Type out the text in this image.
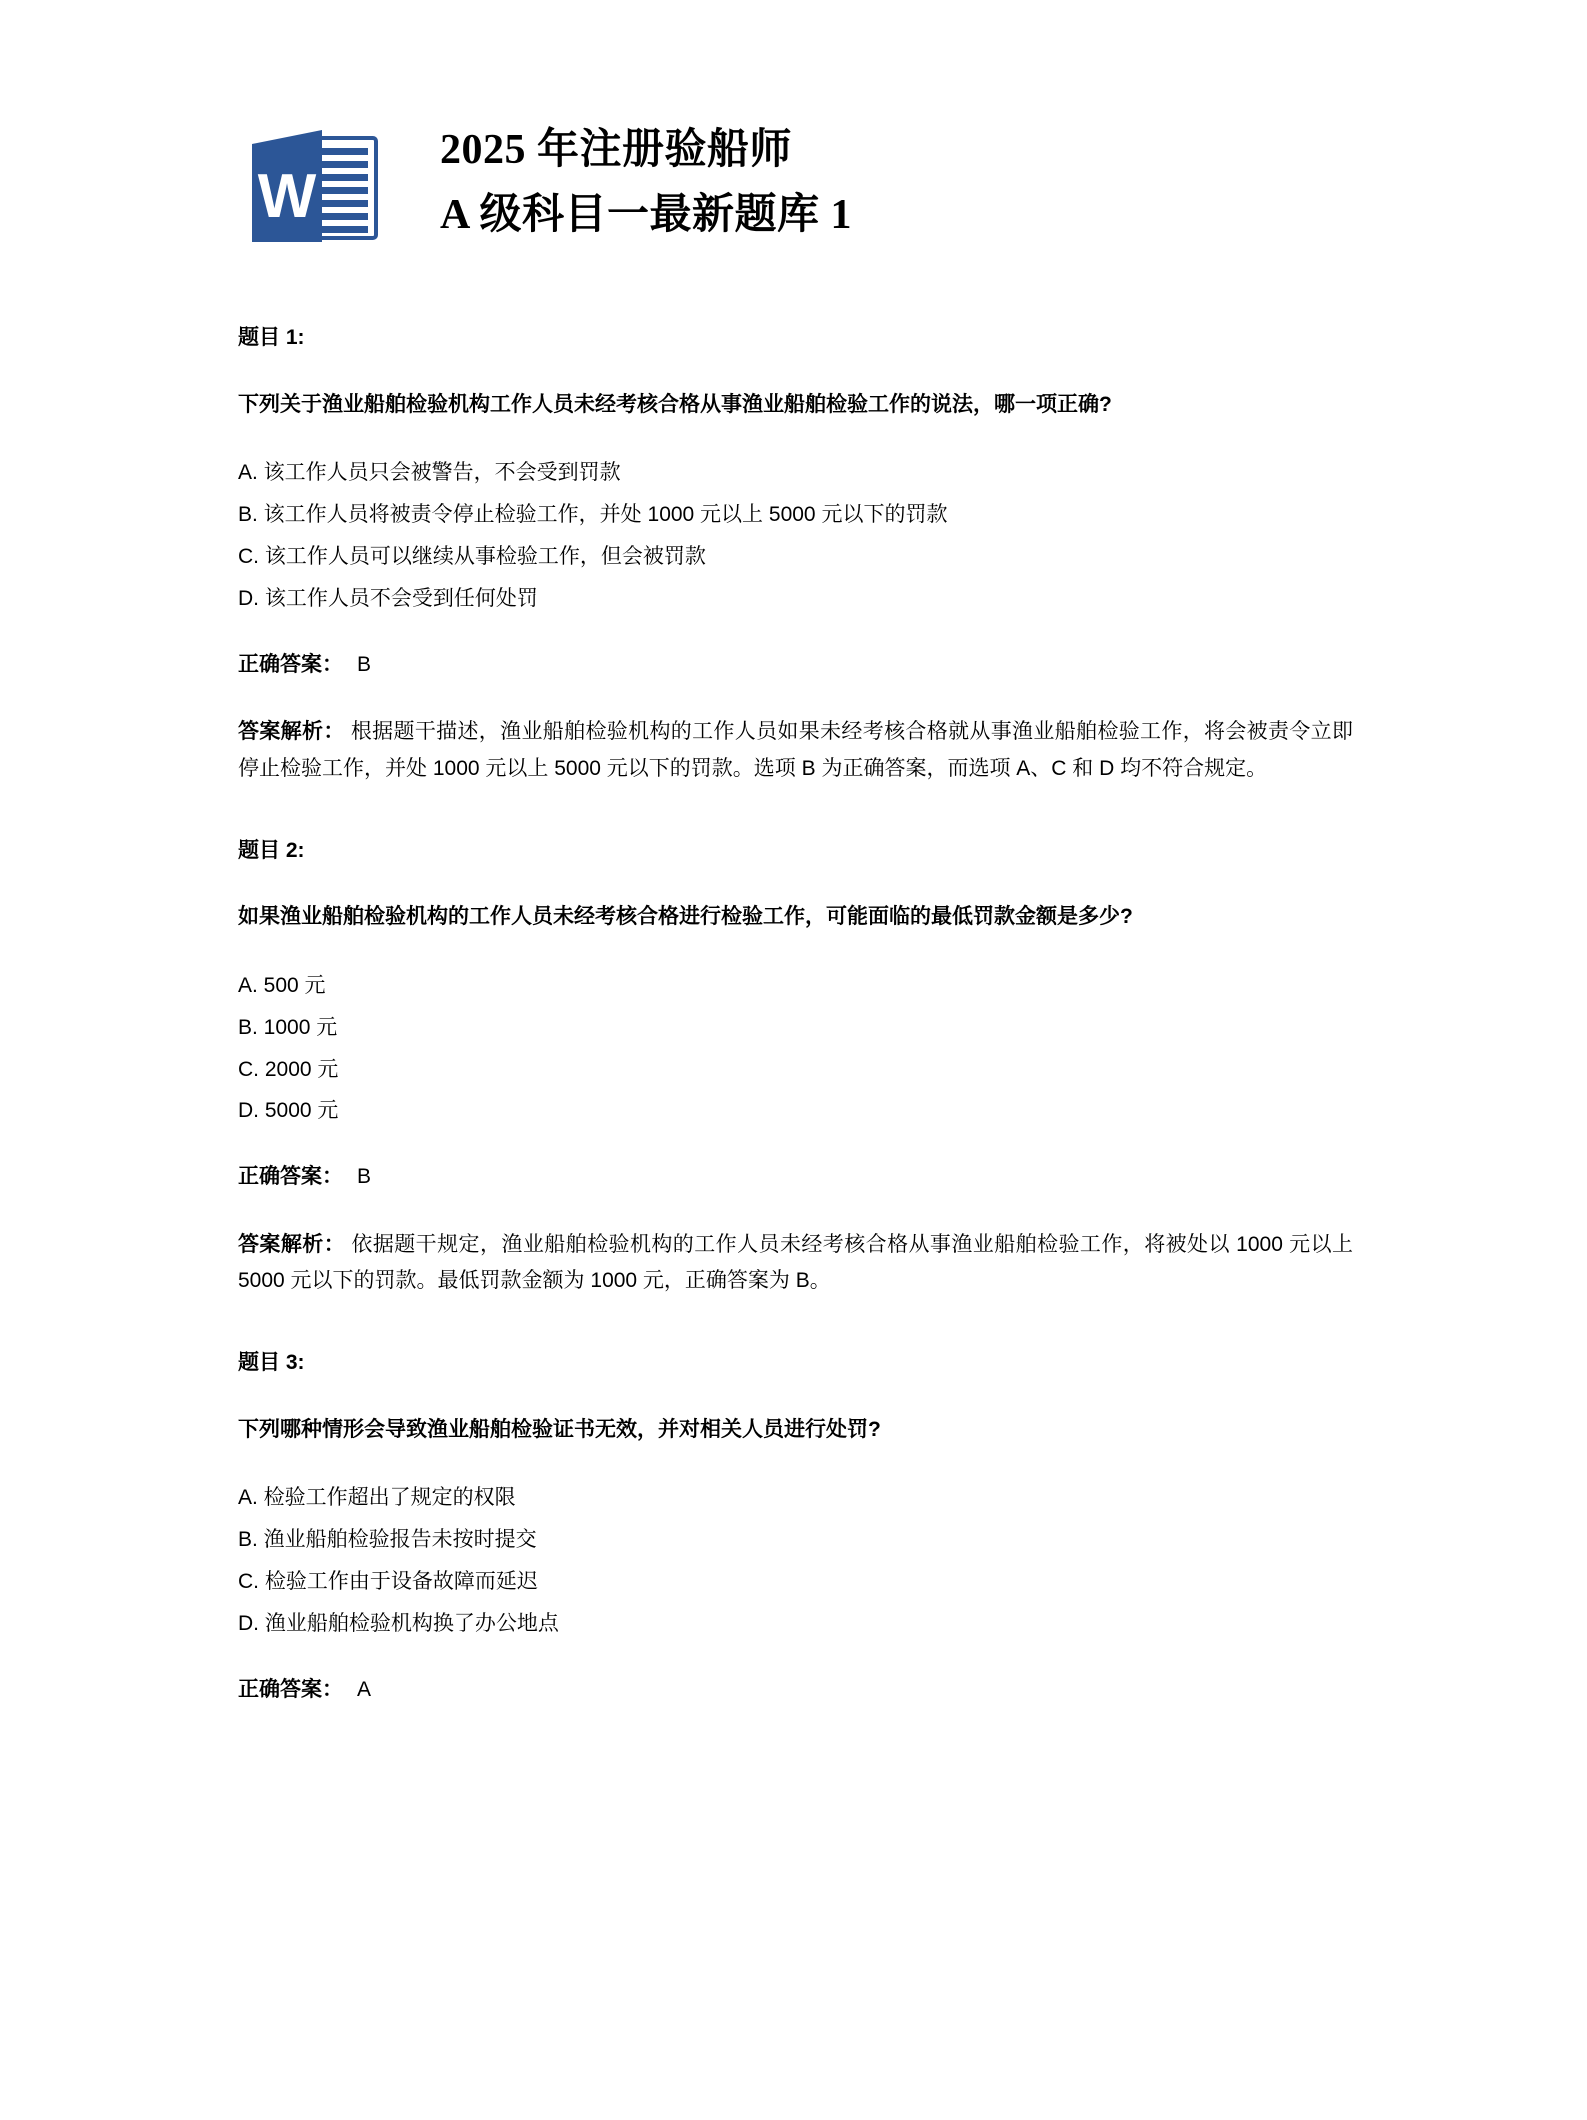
W
2025 年注册验船师
A 级科目一最新题库 1
题目 1:
下列关于渔业船舶检验机构工作人员未经考核合格从事渔业船舶检验工作的说法，哪一项正确?
A. 该工作人员只会被警告，不会受到罚款
B. 该工作人员将被责令停止检验工作，并处 1000 元以上 5000 元以下的罚款
C. 该工作人员可以继续从事检验工作，但会被罚款
D. 该工作人员不会受到任何处罚
正确答案： B
答案解析： 根据题干描述，渔业船舶检验机构的工作人员如果未经考核合格就从事渔业船舶检验工作，将会被责令立即停止检验工作，并处 1000 元以上 5000 元以下的罚款。选项 B 为正确答案，而选项 A、C 和 D 均不符合规定。
题目 2:
如果渔业船舶检验机构的工作人员未经考核合格进行检验工作，可能面临的最低罚款金额是多少?
A. 500 元
B. 1000 元
C. 2000 元
D. 5000 元
正确答案： B
答案解析： 依据题干规定，渔业船舶检验机构的工作人员未经考核合格从事渔业船舶检验工作，将被处以 1000 元以上 5000 元以下的罚款。最低罚款金额为 1000 元，正确答案为 B。
题目 3:
下列哪种情形会导致渔业船舶检验证书无效，并对相关人员进行处罚?
A. 检验工作超出了规定的权限
B. 渔业船舶检验报告未按时提交
C. 检验工作由于设备故障而延迟
D. 渔业船舶检验机构换了办公地点
正确答案： A
